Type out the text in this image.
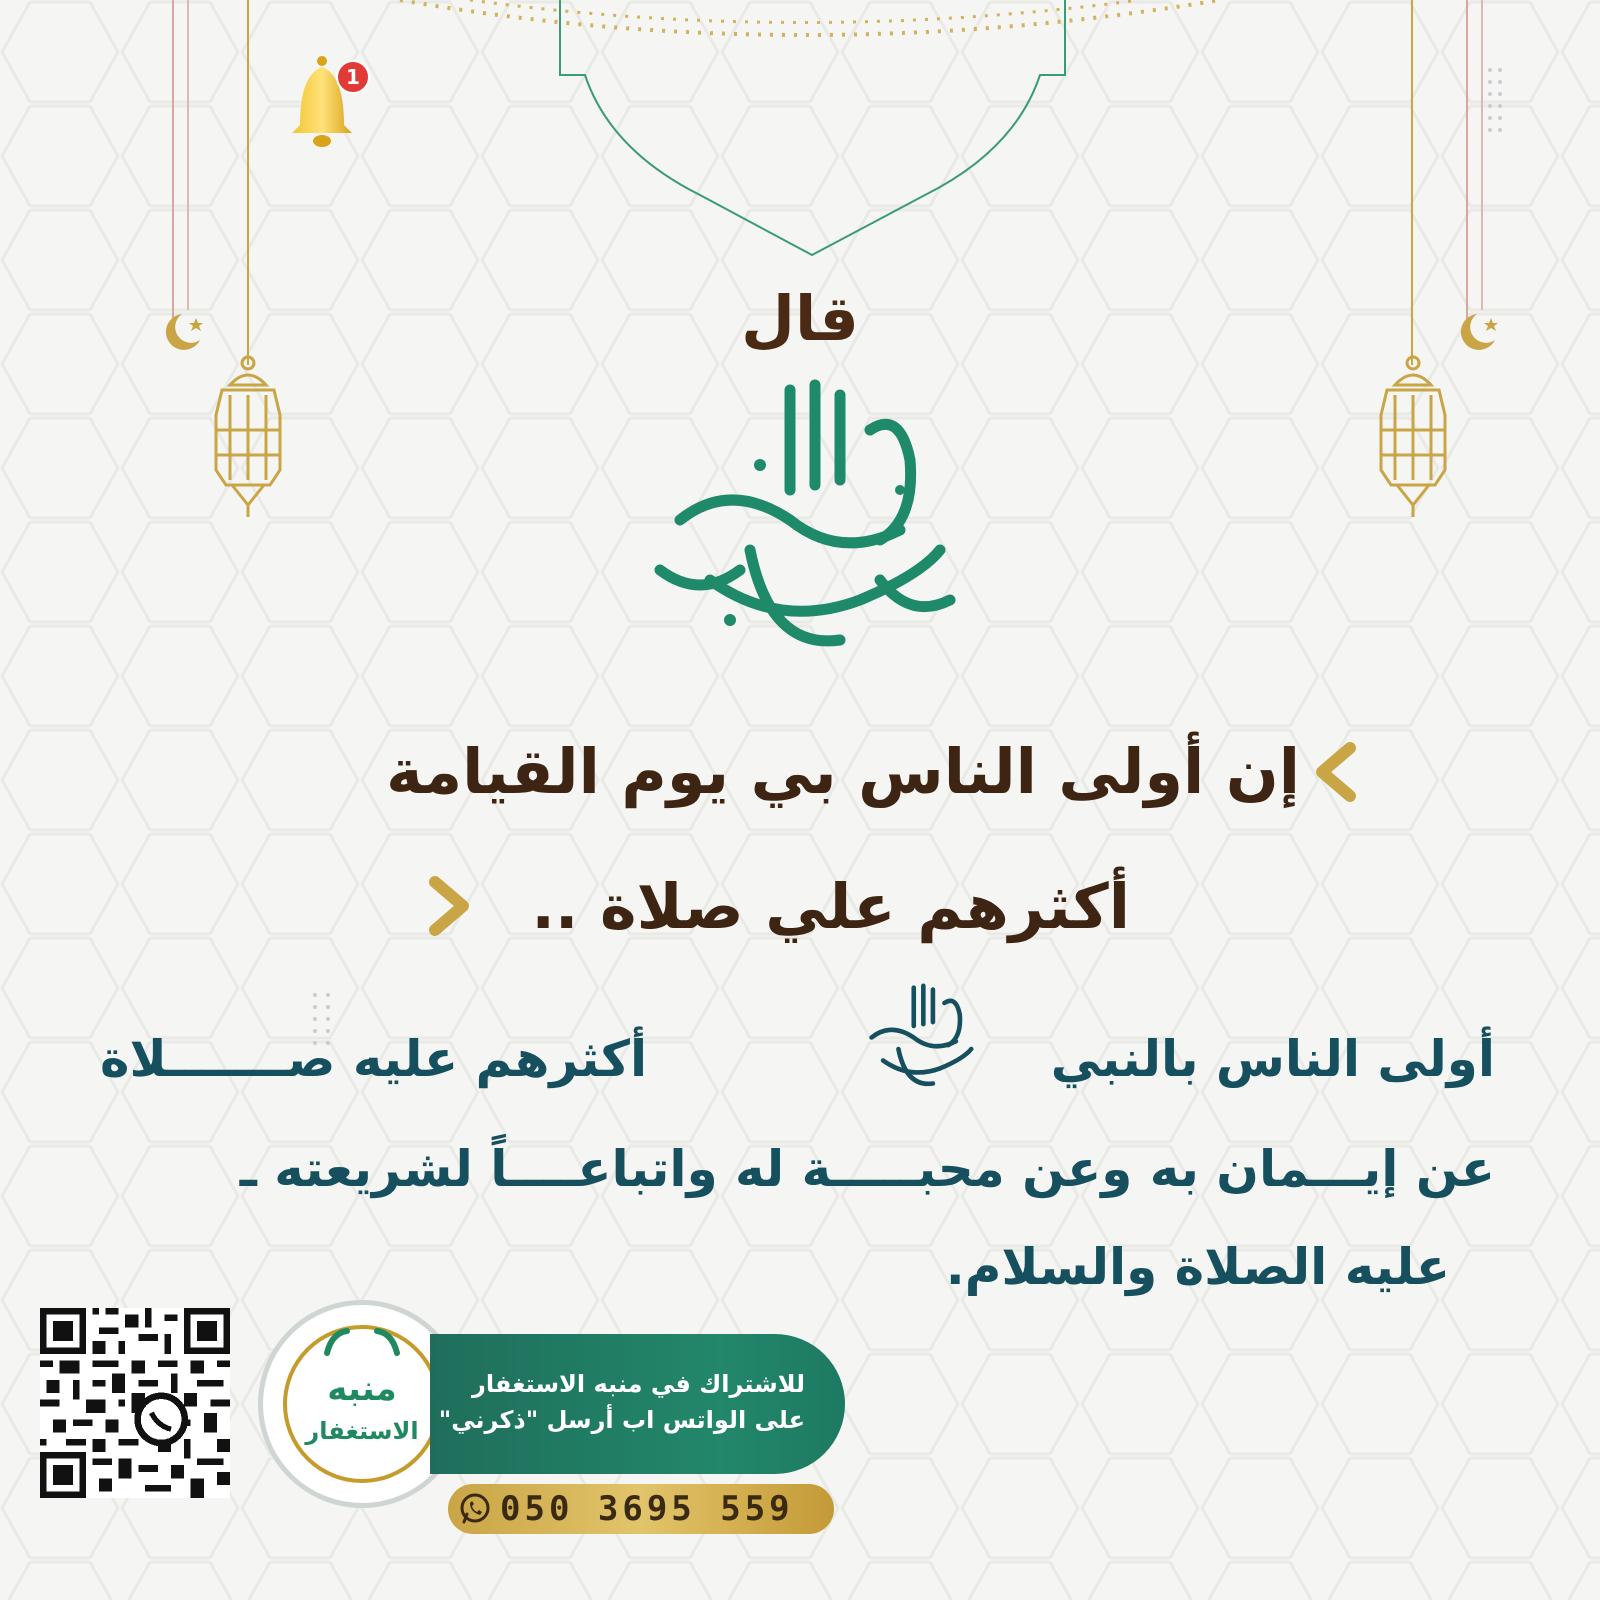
1
قال
إن أولى الناس بي يوم القيامة
أكثرهم علي صلاة ..
أولى الناس بالنبي
أكثرهم عليه صـــــــلاة
عن إيـــمان به وعن محبـــــة له واتباعــــاً لشريعته ـ
عليه الصلاة والسلام.
منبه
الاستغفار
للاشتراك في منبه الاستغفار
على الواتس اب أرسل "ذكرني"
050 3695 559
